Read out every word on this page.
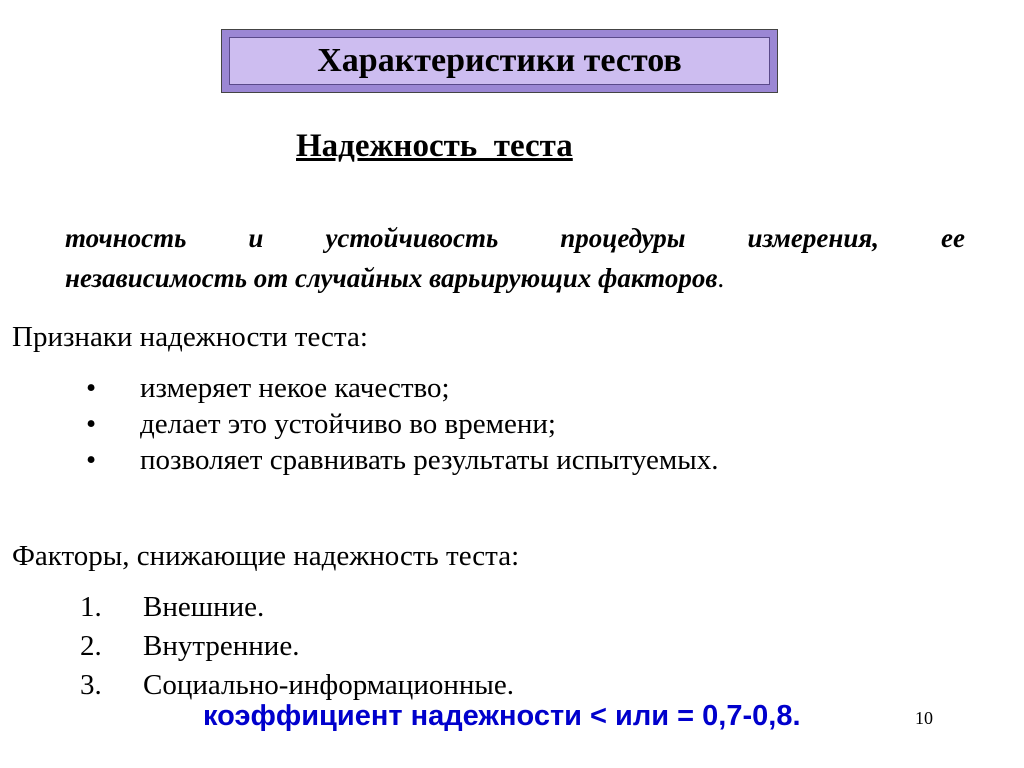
Характеристики тестов
Надежность  теста
точность и устойчивость процедуры измерения, ее
независимость от случайных варьирующих факторов.
Признаки надежности теста:
• измеряет некое качество;
• делает это устойчиво во времени;
• позволяет сравнивать результаты испытуемых.
Факторы, снижающие надежность теста:
1. Внешние.
2. Внутренние.
3. Социально-информационные.
коэффициент надежности < или = 0,7-0,8.	10
